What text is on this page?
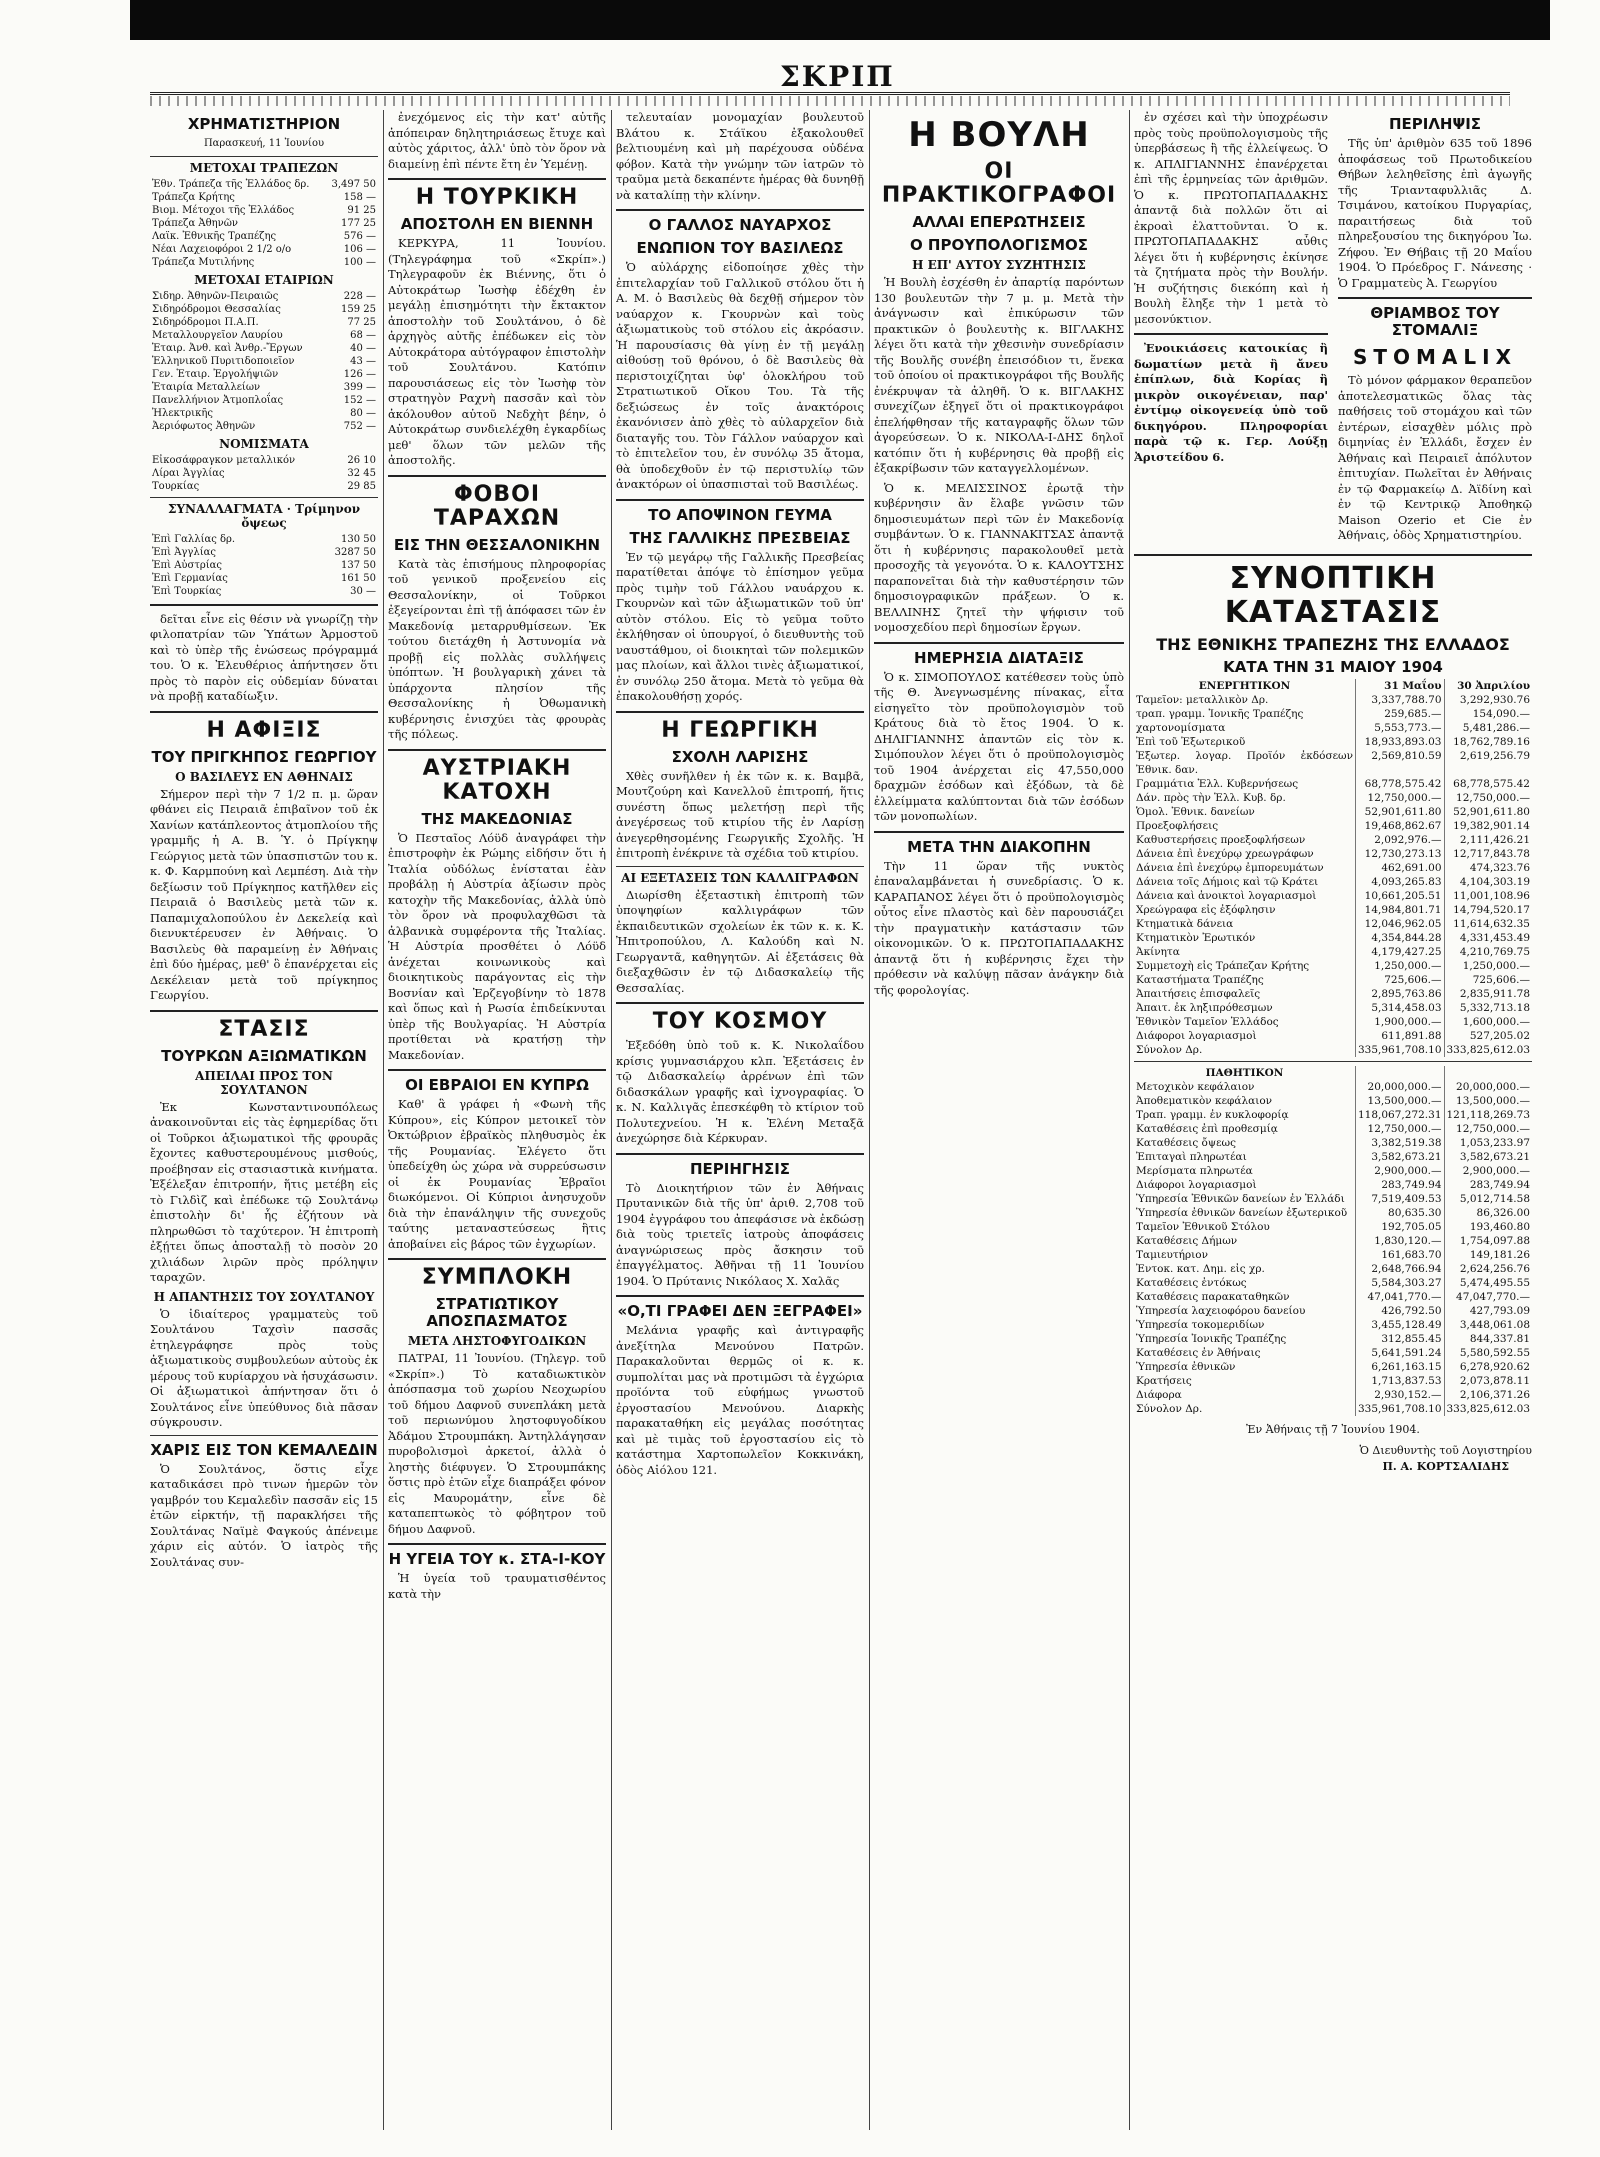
ΣΚΡΙΠ
ΧΡΗΜΑΤΙΣΤΗΡΙΟΝ
Παρασκευή, 11 Ἰουνίου
ΜΕΤΟΧΑΙ ΤΡΑΠΕΖΩΝ
Ἐθν. Τράπεζα τῆς Ἑλλάδος δρ.	3,497 50
Τράπεζα Κρήτης	158 —
Βιομ. Μέτοχοι τῆς Ἑλλάδος	91 25
Τράπεζα Ἀθηνῶν	177 25
Λαϊκ. Ἐθνικῆς Τραπέζης	576 —
Νέαι Λαχειοφόροι 2 1/2 ο/ο	106 —
Τράπεζα Μυτιλήνης	100 —
ΜΕΤΟΧΑΙ ΕΤΑΙΡΙΩΝ
Σιδηρ. Ἀθηνῶν-Πειραιῶς	228 —
Σιδηρόδρομοι Θεσσαλίας	159 25
Σιδηρόδρομοι Π.Α.Π.	77 25
Μεταλλουργεῖον Λαυρίου	68 —
Ἑταιρ. Ἀνθ. καὶ Ἀνθρ.-Ἔργων	40 —
Ἑλληνικοῦ Πυριτιδοποιεῖον	43 —
Γεν. Ἑταιρ. Ἐργολήψιῶν	126 —
Ἑταιρία Μεταλλείων	399 —
Πανελλήνιον Ἀτμοπλοΐας	152 —
Ἠλεκτρικῆς	80 —
Ἀεριόφωτος Ἀθηνῶν	752 —
ΝΟΜΙΣΜΑΤΑ
Εἰκοσάφραγκον μεταλλικόν	26 10
Λίραι Ἀγγλίας	32 45
Τουρκίας	29 85
ΣΥΝΑΛΛΑΓΜΑΤΑ · Τρίμηνον ὄψεως
Ἐπὶ Γαλλίας δρ.	130 50
Ἐπὶ Ἀγγλίας	3287 50
Ἐπὶ Αὐστρίας	137 50
Ἐπὶ Γερμανίας	161 50
Ἐπὶ Τουρκίας	30 —

δεῖται εἶνε εἰς θέσιν νὰ γνωρίζῃ τὴν φιλοπατρίαν τῶν Ὑπάτων Ἀρμοστοῦ καὶ τὸ ὑπὲρ τῆς ἐνώσεως πρόγραμμά του. Ὁ κ. Ἐλευθέριος ἀπήντησεν ὅτι πρὸς τὸ παρὸν εἰς οὐδεμίαν δύναται νὰ προβῇ καταδίωξιν.

Η ΑΦΙΞΙΣ
ΤΟΥ ΠΡΙΓΚΗΠΟΣ ΓΕΩΡΓΙΟΥ
Ο ΒΑΣΙΛΕΥΣ ΕΝ ΑΘΗΝΑΙΣ

Σήμερον περὶ τὴν 7 1/2 π. μ. ὥραν φθάνει εἰς Πειραιᾶ ἐπιβαῖνον τοῦ ἐκ Χανίων κατάπλεοντος ἀτμοπλοίου τῆς γραμμῆς ἡ Α. Β. Ὑ. ὁ Πρίγκηψ Γεώργιος μετὰ τῶν ὑπασπιστῶν του κ. κ. Φ. Καρμπούνη καὶ Λεμπέση. Διὰ τὴν δεξίωσιν τοῦ Πρίγκηπος κατῆλθεν εἰς Πειραιᾶ ὁ Βασιλεὺς μετὰ τῶν κ. Παπαμιχαλοπούλου ἐν Δεκελείᾳ καὶ διενυκτέρευσεν ἐν Ἀθήναις. Ὁ Βασιλεὺς θὰ παραμείνῃ ἐν Ἀθήναις ἐπὶ δύο ἡμέρας, μεθ' ὃ ἐπανέρχεται εἰς Δεκέλειαν μετὰ τοῦ πρίγκηπος Γεωργίου.

ΣΤΑΣΙΣ
ΤΟΥΡΚΩΝ ΑΞΙΩΜΑΤΙΚΩΝ
ΑΠΕΙΛΑΙ ΠΡΟΣ ΤΟΝ ΣΟΥΛΤΑΝΟΝ

Ἐκ Κωνσταντινουπόλεως ἀνακοινοῦνται εἰς τὰς ἐφημερίδας ὅτι οἱ Τοῦρκοι ἀξιωματικοὶ τῆς φρουρᾶς ἔχοντες καθυστερουμένους μισθούς, προέβησαν εἰς στασιαστικὰ κινήματα. Ἐξέλεξαν ἐπιτροπήν, ἥτις μετέβη εἰς τὸ Γιλδὶζ καὶ ἐπέδωκε τῷ Σουλτάνῳ ἐπιστολὴν δι' ἧς ἐζήτουν νὰ πληρωθῶσι τὸ ταχύτερον. Ἡ ἐπιτροπὴ ἐξῄτει ὅπως ἀποσταλῇ τὸ ποσὸν 20 χιλιάδων λιρῶν πρὸς πρόληψιν ταραχῶν.

Η ΑΠΑΝΤΗΣΙΣ ΤΟΥ ΣΟΥΛΤΑΝΟΥ

Ὁ ἰδιαίτερος γραμματεὺς τοῦ Σουλτάνου Ταχσὶν πασσᾶς ἐτηλεγράφησε πρὸς τοὺς ἀξιωματικοὺς συμβουλεύων αὐτοὺς ἐκ μέρους τοῦ κυρίαρχου νὰ ἡσυχάσωσιν. Οἱ ἀξιωματικοὶ ἀπήντησαν ὅτι ὁ Σουλτάνος εἶνε ὑπεύθυνος διὰ πᾶσαν σύγκρουσιν.

ΧΑΡΙΣ ΕΙΣ ΤΟΝ ΚΕΜΑΛΕΔΙΝ

Ὁ Σουλτάνος, ὅστις εἶχε καταδικάσει πρὸ τινων ἡμερῶν τὸν γαμβρόν του Κεμαλεδὶν πασσᾶν εἰς 15 ἐτῶν εἱρκτήν, τῇ παρακλήσει τῆς Σουλτάνας Ναϊμὲ Φαγκούς ἀπένειμε χάριν εἰς αὐτόν. Ὁ ἰατρὸς τῆς Σουλτάνας συν-

ἐνεχόμενος εἰς τὴν κατ' αὐτῆς ἀπόπειραν δηλητηριάσεως ἔτυχε καὶ αὐτὸς χάριτος, ἀλλ' ὑπὸ τὸν ὅρον νὰ διαμείνῃ ἐπὶ πέντε ἔτη ἐν Ὑεμένῃ.

Η ΤΟΥΡΚΙΚΗ
ΑΠΟΣΤΟΛΗ ΕΝ ΒΙΕΝΝΗ

ΚΕΡΚΥΡΑ, 11 Ἰουνίου. (Τηλεγράφημα τοῦ «Σκρίπ».) Τηλεγραφοῦν ἐκ Βιέννης, ὅτι ὁ Αὐτοκράτωρ Ἰωσὴφ ἐδέχθη ἐν μεγάλῃ ἐπισημότητι τὴν ἔκτακτον ἀποστολὴν τοῦ Σουλτάνου, ὁ δὲ ἀρχηγὸς αὐτῆς ἐπέδωκεν εἰς τὸν Αὐτοκράτορα αὐτόγραφον ἐπιστολὴν τοῦ Σουλτάνου. Κατόπιν παρουσιάσεως εἰς τὸν Ἰωσὴφ τὸν στρατηγὸν Ραχνὴ πασσᾶν καὶ τὸν ἀκόλουθον αὐτοῦ Νεδχὴτ βέην, ὁ Αὐτοκράτωρ συνδιελέχθη ἐγκαρδίως μεθ' ὅλων τῶν μελῶν τῆς ἀποστολῆς.

ΦΟΒΟΙ ΤΑΡΑΧΩΝ
ΕΙΣ ΤΗΝ ΘΕΣΣΑΛΟΝΙΚΗΝ

Κατὰ τὰς ἐπισήμους πληροφορίας τοῦ γενικοῦ προξενείου εἰς Θεσσαλονίκην, οἱ Τοῦρκοι ἐξεγείρονται ἐπὶ τῇ ἀπόφασει τῶν ἐν Μακεδονίᾳ μεταρρυθμίσεων. Ἐκ τούτου διετάχθη ἡ Ἀστυνομία νὰ προβῇ εἰς πολλὰς συλλήψεις ὑπόπτων. Ἡ βουλγαρικὴ χάνει τὰ ὑπάρχοντα πλησίον τῆς Θεσσαλονίκης ἡ Ὀθωμανικὴ κυβέρνησις ἐνισχύει τὰς φρουρὰς τῆς πόλεως.

ΑΥΣΤΡΙΑΚΗ ΚΑΤΟΧΗ
ΤΗΣ ΜΑΚΕΔΟΝΙΑΣ

Ὁ Πεσταῖος Λόϋδ ἀναγράφει τὴν ἐπιστροφὴν ἐκ Ρώμης εἰδήσιν ὅτι ἡ Ἰταλία οὐδόλως ἐνίσταται ἐὰν προβάλῃ ἡ Αὐστρία ἀξίωσιν πρὸς κατοχὴν τῆς Μακεδονίας, ἀλλὰ ὑπὸ τὸν ὅρον νὰ προφυλαχθῶσι τὰ ἀλβανικὰ συμφέροντα τῆς Ἰταλίας. Ἡ Αὐστρία προσθέτει ὁ Λόϋδ ἀνέχεται κοινωνικοὺς καὶ διοικητικοὺς παράγοντας εἰς τὴν Βοσνίαν καὶ Ἐρζεγοβίνην τὸ 1878 καὶ ὅπως καὶ ἡ Ρωσία ἐπιδείκνυται ὑπὲρ τῆς Βουλγαρίας. Ἡ Αὐστρία προτίθεται νὰ κρατήσῃ τὴν Μακεδονίαν.

ΟΙ ΕΒΡΑΙΟΙ ΕΝ ΚΥΠΡΩ

Καθ' ἃ γράφει ἡ «Φωνὴ τῆς Κύπρου», εἰς Κύπρον μετοικεῖ τὸν Ὀκτώβριον ἐβραϊκὸς πληθυσμὸς ἐκ τῆς Ρουμανίας. Ἐλέγετο ὅτι ὑπεδείχθη ὡς χώρα νὰ συρρεύσωσιν οἱ ἐκ Ρουμανίας Ἑβραῖοι διωκόμενοι. Οἱ Κύπριοι ἀνησυχοῦν διὰ τὴν ἐπανάληψιν τῆς συνεχοῦς ταύτης μεταναστεύσεως ἣτις ἀποβαίνει εἰς βάρος τῶν ἐγχωρίων.

ΣΥΜΠΛΟΚΗ
ΣΤΡΑΤΙΩΤΙΚΟΥ ΑΠΟΣΠΑΣΜΑΤΟΣ
ΜΕΤΑ ΛΗΣΤΟΦΥΓΟΔΙΚΩΝ

ΠΑΤΡΑΙ, 11 Ἰουνίου. (Τηλεγρ. τοῦ «Σκρίπ».) Τὸ καταδιωκτικὸν ἀπόσπασμα τοῦ χωρίου Νεοχωρίου τοῦ δήμου Δαφνοῦ συνεπλάκη μετὰ τοῦ περιωνύμου ληστοφυγοδίκου Ἀδάμου Στρουμπάκη. Ἀντηλλάγησαν πυροβολισμοὶ ἀρκετοί, ἀλλὰ ὁ ληστὴς διέφυγεν. Ὁ Στρουμπάκης ὅστις πρὸ ἐτῶν εἶχε διαπράξει φόνον εἰς Μαυρομάτην, εἶνε δὲ καταπεπτωκὸς τὸ φόβητρον τοῦ δήμου Δαφνοῦ.

Η ΥΓΕΙΑ ΤΟΥ κ. ΣΤΑ-Ι-ΚΟΥ

Ἡ ὑγεία τοῦ τραυματισθέντος κατὰ τὴν

τελευταίαν μονομαχίαν βουλευτοῦ Βλάτου κ. Στάϊκου ἐξακολουθεῖ βελτιουμένη καὶ μὴ παρέχουσα οὐδένα φόβον. Κατὰ τὴν γνώμην τῶν ἰατρῶν τὸ τραῦμα μετὰ δεκαπέντε ἡμέρας θὰ δυνηθῇ νὰ καταλίπῃ τὴν κλίνην.

Ο ΓΑΛΛΟΣ ΝΑΥΑΡΧΟΣ
ΕΝΩΠΙΟΝ ΤΟΥ ΒΑΣΙΛΕΩΣ

Ὁ αὐλάρχης εἰδοποίησε χθὲς τὴν ἐπιτελαρχίαν τοῦ Γαλλικοῦ στόλου ὅτι ἡ Α. Μ. ὁ Βασιλεὺς θὰ δεχθῇ σήμερον τὸν ναύαρχον κ. Γκουρνὼν καὶ τοὺς ἀξιωματικοὺς τοῦ στόλου εἰς ἀκρόασιν. Ἡ παρουσίασις θὰ γίνῃ ἐν τῇ μεγάλῃ αἰθούσῃ τοῦ θρόνου, ὁ δὲ Βασιλεὺς θὰ περιστοιχίζηται ὑφ' ὁλοκλήρου τοῦ Στρατιωτικοῦ Οἴκου Του. Τὰ τῆς δεξιώσεως ἐν τοῖς ἀνακτόροις ἐκανόνισεν ἀπὸ χθὲς τὸ αὐλαρχεῖον διὰ διαταγῆς του. Τὸν Γάλλον ναύαρχον καὶ τὸ ἐπιτελεῖον του, ἐν συνόλῳ 35 ἄτομα, θὰ ὑποδεχθοῦν ἐν τῷ περιστυλίῳ τῶν ἀνακτόρων οἱ ὑπασπισταὶ τοῦ Βασιλέως.

ΤΟ ΑΠΟΨΙΝΟΝ ΓΕΥΜΑ
ΤΗΣ ΓΑΛΛΙΚΗΣ ΠΡΕΣΒΕΙΑΣ

Ἐν τῷ μεγάρῳ τῆς Γαλλικῆς Πρεσβείας παρατίθεται ἀπόψε τὸ ἐπίσημον γεῦμα πρὸς τιμὴν τοῦ Γάλλου ναυάρχου κ. Γκουρνὼν καὶ τῶν ἀξιωματικῶν τοῦ ὑπ' αὐτὸν στόλου. Εἰς τὸ γεῦμα τοῦτο ἐκλήθησαν οἱ ὑπουργοί, ὁ διευθυντὴς τοῦ ναυστάθμου, οἱ διοικηταὶ τῶν πολεμικῶν μας πλοίων, καὶ ἄλλοι τινὲς ἀξιωματικοί, ἐν συνόλῳ 250 ἄτομα. Μετὰ τὸ γεῦμα θὰ ἐπακολουθήσῃ χορός.

Η ΓΕΩΡΓΙΚΗ
ΣΧΟΛΗ ΛΑΡΙΣΗΣ

Χθὲς συνῆλθεν ἡ ἐκ τῶν κ. κ. Βαμβᾶ, Μουτζούρη καὶ Κανελλοῦ ἐπιτροπή, ἥτις συνέστη ὅπως μελετήσῃ περὶ τῆς ἀνεγέρσεως τοῦ κτιρίου τῆς ἐν Λαρίσῃ ἀνεγερθησομένης Γεωργικῆς Σχολῆς. Ἡ ἐπιτροπὴ ἐνέκρινε τὰ σχέδια τοῦ κτιρίου.

ΑΙ ΕΞΕΤΑΣΕΙΣ ΤΩΝ ΚΑΛΛΙΓΡΑΦΩΝ

Διωρίσθη ἐξεταστικὴ ἐπιτροπὴ τῶν ὑποψηφίων καλλιγράφων τῶν ἐκπαιδευτικῶν σχολείων ἐκ τῶν κ. κ. Κ. Ἠπιτροπούλου, Λ. Καλούδη καὶ Ν. Γεωργαντᾶ, καθηγητῶν. Αἱ ἐξετάσεις θὰ διεξαχθῶσιν ἐν τῷ Διδασκαλείῳ τῆς Θεσσαλίας.

ΤΟΥ ΚΟΣΜΟΥ

Ἐξεδόθη ὑπὸ τοῦ κ. Κ. Νικολαΐδου κρίσις γυμνασιάρχου κλπ. Ἐξετάσεις ἐν τῷ Διδασκαλείῳ ἀρρένων ἐπὶ τῶν διδασκάλων γραφῆς καὶ ἰχνογραφίας. Ὁ κ. Ν. Καλλιγᾶς ἐπεσκέφθη τὸ κτίριον τοῦ Πολυτεχνείου. Ἡ κ. Ἑλένη Μεταξᾶ ἀνεχώρησε διὰ Κέρκυραν.

ΠΕΡΙΗΓΗΣΙΣ

Τὸ Διοικητήριον τῶν ἐν Ἀθήναις Πρυτανικῶν διὰ τῆς ὑπ' ἀριθ. 2,708 τοῦ 1904 ἐγγράφου του ἀπεφάσισε νὰ ἐκδώσῃ διὰ τοὺς τριετεῖς ἰατροὺς ἀποφάσεις ἀναγνώρισεως πρὸς ἄσκησιν τοῦ ἐπαγγέλματος. Ἀθῆναι τῇ 11 Ἰουνίου 1904. Ὁ Πρύτανις Νικόλαος Χ. Χαλᾶς

«Ο,ΤΙ ΓΡΑΦΕΙ ΔΕΝ ΞΕΓΡΑΦΕΙ»

Μελάνια γραφῆς καὶ ἀντιγραφῆς ἀνεξίτηλα Μενούνου Πατρῶν. Παρακαλοῦνται θερμῶς οἱ κ. κ. συμπολίται μας νὰ προτιμῶσι τὰ ἐγχώρια προϊόντα τοῦ εὐφήμως γνωστοῦ ἐργοστασίου Μενούνου. Διαρκὴς παρακαταθήκη εἰς μεγάλας ποσότητας καὶ μὲ τιμὰς τοῦ ἐργοστασίου εἰς τὸ κατάστημα Χαρτοπωλεῖον Κοκκινάκη, ὁδὸς Αἰόλου 121.

Η ΒΟΥΛΗ
ΟΙ ΠΡΑΚΤΙΚΟΓΡΑΦΟΙ
ΑΛΛΑΙ ΕΠΕΡΩΤΗΣΕΙΣ
Ο ΠΡΟΥΠΟΛΟΓΙΣΜΟΣ
Η ΕΠ' ΑΥΤΟΥ ΣΥΖΗΤΗΣΙΣ

Ἡ Βουλὴ ἐσχέσθη ἐν ἀπαρτίᾳ παρόντων 130 βουλευτῶν τὴν 7 μ. μ. Μετὰ τὴν ἀνάγνωσιν καὶ ἐπικύρωσιν τῶν πρακτικῶν ὁ βουλευτὴς κ. ΒΙΓΛΑΚΗΣ λέγει ὅτι κατὰ τὴν χθεσινὴν συνεδρίασιν τῆς Βουλῆς συνέβη ἐπεισόδιον τι, ἕνεκα τοῦ ὁποίου οἱ πρακτικογράφοι τῆς Βουλῆς ἐνέκρυψαν τὰ ἀληθῆ. Ὁ κ. ΒΙΓΛΑΚΗΣ συνεχίζων ἐξηγεῖ ὅτι οἱ πρακτικογράφοι ἐπελήφθησαν τῆς καταγραφῆς ὅλων τῶν ἀγορεύσεων. Ὁ κ. ΝΙΚΟΛΑ-Ι-ΔΗΣ δηλοῖ κατόπιν ὅτι ἡ κυβέρνησις θὰ προβῇ εἰς ἐξακρίβωσιν τῶν καταγγελλομένων.

Ὁ κ. ΜΕΛΙΣΣΙΝΟΣ ἐρωτᾷ τὴν κυβέρνησιν ἂν ἔλαβε γνῶσιν τῶν δημοσιευμάτων περὶ τῶν ἐν Μακεδονίᾳ συμβάντων. Ὁ κ. ΓΙΑΝΝΑΚΙΤΣΑΣ ἀπαντᾷ ὅτι ἡ κυβέρνησις παρακολουθεῖ μετὰ προσοχῆς τὰ γεγονότα. Ὁ κ. ΚΑΛΟΥΤΣΗΣ παραπονεῖται διὰ τὴν καθυστέρησιν τῶν δημοσιογραφικῶν πράξεων. Ὁ κ. ΒΕΛΛΙΝΗΣ ζητεῖ τὴν ψήφισιν τοῦ νομοσχεδίου περὶ δημοσίων ἔργων.

ΗΜΕΡΗΣΙΑ ΔΙΑΤΑΞΙΣ

Ὁ κ. ΣΙΜΟΠΟΥΛΟΣ κατέθεσεν τοὺς ὑπὸ τῆς Θ. Ἀνεγνωσμένης πίνακας, εἶτα εἰσηγεῖτο τὸν προϋπολογισμὸν τοῦ Κράτους διὰ τὸ ἔτος 1904. Ὁ κ. ΔΗΛΙΓΙΑΝΝΗΣ ἀπαντῶν εἰς τὸν κ. Σιμόπουλον λέγει ὅτι ὁ προϋπολογισμὸς τοῦ 1904 ἀνέρχεται εἰς 47,550,000 δραχμῶν ἐσόδων καὶ ἐξόδων, τὰ δὲ ἐλλείμματα καλύπτονται διὰ τῶν ἐσόδων τῶν μονοπωλίων.

ΜΕΤΑ ΤΗΝ ΔΙΑΚΟΠΗΝ

Τὴν 11 ὥραν τῆς νυκτὸς ἐπαναλαμβάνεται ἡ συνεδρίασις. Ὁ κ. ΚΑΡΑΠΑΝΟΣ λέγει ὅτι ὁ προϋπολογισμὸς οὗτος εἶνε πλαστὸς καὶ δὲν παρουσιάζει τὴν πραγματικὴν κατάστασιν τῶν οἰκονομικῶν. Ὁ κ. ΠΡΩΤΟΠΑΠΑΔΑΚΗΣ ἀπαντᾷ ὅτι ἡ κυβέρνησις ἔχει τὴν πρόθεσιν νὰ καλύψῃ πᾶσαν ἀνάγκην διὰ τῆς φορολογίας.

ἐν σχέσει καὶ τὴν ὑποχρέωσιν πρὸς τοὺς προϋπολογισμοὺς τῆς ὑπερβάσεως ἢ τῆς ἐλλείψεως. Ὁ κ. ΑΠΛΙΓΙΑΝΝΗΣ ἐπανέρχεται ἐπὶ τῆς ἑρμηνείας τῶν ἀριθμῶν. Ὁ κ. ΠΡΩΤΟΠΑΠΑΔΑΚΗΣ ἀπαντᾷ διὰ πολλῶν ὅτι αἱ ἐκροαὶ ἐλαττοῦνται. Ὁ κ. ΠΡΩΤΟΠΑΠΑΔΑΚΗΣ αὖθις λέγει ὅτι ἡ κυβέρνησις ἐκίνησε τὰ ζητήματα πρὸς τὴν Βουλήν. Ἡ συζήτησις διεκόπη καὶ ἡ Βουλὴ ἔληξε τὴν 1 μετὰ τὸ μεσονύκτιον.

Ἐνοικιάσεις κατοικίας ἢ δωματίων μετὰ ἢ ἄνευ ἐπίπλων, διὰ Κορίας ἢ μικρὸν οικογένειαν, παρ' ἐντίμῳ οἰκογενείᾳ ὑπὸ τοῦ δικηγόρου. Πληροφορίαι παρὰ τῷ κ. Γερ. Λούξῃ Ἀριστείδου 6.

ΠΕΡΙΛΗΨΙΣ

Τῆς ὑπ' ἀριθμὸν 635 τοῦ 1896 ἀποφάσεως τοῦ Πρωτοδικείου Θήβων λεληθεῖσης ἐπὶ ἀγωγῆς τῆς Τριανταφυλλιᾶς Δ. Τσιμάνου, κατοίκου Πυργαρίας, παραιτήσεως διὰ τοῦ πληρεξουσίου της δικηγόρου Ἰω. Ζήφου. Ἐν Θήβαις τῇ 20 Μαΐου 1904. Ὁ Πρόεδρος Γ. Νάνεσης · Ὁ Γραμματεὺς Ἀ. Γεωργίου

ΘΡΙΑΜΒΟΣ ΤΟΥ ΣΤΟΜΑΛΙΞ
STOMALIX

Τὸ μόνον φάρμακον θεραπεῦον ἀποτελεσματικῶς ὅλας τὰς παθήσεις τοῦ στομάχου καὶ τῶν ἐντέρων, εἰσαχθὲν μόλις πρὸ διμηνίας ἐν Ἑλλάδι, ἔσχεν ἐν Ἀθήναις καὶ Πειραιεῖ ἀπόλυτον ἐπιτυχίαν. Πωλεῖται ἐν Ἀθήναις ἐν τῷ Φαρμακείῳ Δ. Ἀϊδίνη καὶ ἐν τῷ Κεντρικῷ Ἀποθηκῷ Maison Ozerio et Cie ἐν Ἀθήναις, ὁδὸς Χρηματιστηρίου.

ΣΥΝΟΠΤΙΚΗ ΚΑΤΑΣΤΑΣΙΣ
ΤΗΣ ΕΘΝΙΚΗΣ ΤΡΑΠΕΖΗΣ ΤΗΣ ΕΛΛΑΔΟΣ
ΚΑΤΑ ΤΗΝ 31 ΜΑΙΟΥ 1904
ΕΝΕΡΓΗΤΙΚΟΝ	31 Μαΐου	30 Ἀπριλίου
Ταμεῖον: μεταλλικὸν Δρ.	3,337,788.70	3,292,930.76
τραπ. γραμμ. Ἰονικῆς Τραπέζης	259,685.—	154,090.—
χαρτονομίσματα	5,553,773.—	5,481,286.—
Ἐπὶ τοῦ Ἐξωτερικοῦ	18,933,893.03	18,762,789.16
Ἐξωτερ. λογαρ. Προϊόν ἐκδόσεων Ἐθνικ. δαν.	2,569,810.59	2,619,256.79
Γραμμάτια Ἑλλ. Κυβερνήσεως	68,778,575.42	68,778,575.42
Δάν. πρὸς τὴν Ἑλλ. Κυβ. δρ.	12,750,000.—	12,750,000.—
Ὁμολ. Ἐθνικ. δανείων	52,901,611.80	52,901,611.80
Προεξοφλήσεις	19,468,862.67	19,382,901.14
Καθυστερήσεις προεξοφλήσεων	2,092,976.—	2,111,426.21
Δάνεια ἐπὶ ἐνεχύρῳ χρεωγράφων	12,730,273.13	12,717,843.78
Δάνεια ἐπὶ ἐνεχύρῳ ἐμπορευμάτων	462,691.00	474,323.76
Δάνεια τοῖς Δήμοις καὶ τῷ Κράτει	4,093,265.83	4,104,303.19
Δάνεια καὶ ἀνοικτοὶ λογαριασμοὶ	10,661,205.51	11,001,108.96
Χρεώγραφα εἰς ἐξόφλησιν	14,984,801.71	14,794,520.17
Κτηματικὰ δάνεια	12,046,962.05	11,614,632.35
Κτηματικὸν Ἐρωτικόν	4,354,844.28	4,331,453.49
Ἀκίνητα	4,179,427.25	4,210,769.75
Συμμετοχὴ εἰς Τράπεζαν Κρήτης	1,250,000.—	1,250,000.—
Καταστήματα Τραπέζης	725,606.—	725,606.—
Ἀπαιτήσεις ἐπισφαλεῖς	2,895,763.86	2,835,911.78
Ἀπαιτ. ἐκ ληξιπρόθεσμων	5,314,458.03	5,332,713.18
Ἐθνικὸν Ταμεῖον Ἑλλάδος	1,900,000.—	1,600,000.—
Διάφοροι λογαριασμοὶ	611,891.88	527,205.02
Σύνολον Δρ.	335,961,708.10	333,825,612.03
ΠΑΘΗΤΙΚΟΝ		
Μετοχικὸν κεφάλαιον	20,000,000.—	20,000,000.—
Ἀποθεματικὸν κεφάλαιον	13,500,000.—	13,500,000.—
Τραπ. γραμμ. ἐν κυκλοφορίᾳ	118,067,272.31	121,118,269.73
Καταθέσεις ἐπὶ προθεσμίᾳ	12,750,000.—	12,750,000.—
Καταθέσεις ὄψεως	3,382,519.38	1,053,233.97
Ἐπιταγαὶ πληρωτέαι	3,582,673.21	3,582,673.21
Μερίσματα πληρωτέα	2,900,000.—	2,900,000.—
Διάφοροι λογαριασμοὶ	283,749.94	283,749.94
Ὑπηρεσία Ἐθνικῶν δανείων ἐν Ἑλλάδι	7,519,409.53	5,012,714.58
Ὑπηρεσία ἐθνικῶν δανείων ἐξωτερικοῦ	80,635.30	86,326.00
Ταμεῖον Ἐθνικοῦ Στόλου	192,705.05	193,460.80
Καταθέσεις Δήμων	1,830,120.—	1,754,097.88
Ταμιευτήριον	161,683.70	149,181.26
Ἐντοκ. κατ. Δημ. εἰς χρ.	2,648,766.94	2,624,256.76
Καταθέσεις ἐντόκως	5,584,303.27	5,474,495.55
Καταθέσεις παρακαταθηκῶν	47,041,770.—	47,047,770.—
Ὑπηρεσία λαχειοφόρου δανείου	426,792.50	427,793.09
Ὑπηρεσία τοκομεριδίων	3,455,128.49	3,448,061.08
Ὑπηρεσία Ἰονικῆς Τραπέζης	312,855.45	844,337.81
Καταθέσεις ἐν Ἀθήναις	5,641,591.24	5,580,592.55
Ὑπηρεσία ἐθνικῶν	6,261,163.15	6,278,920.62
Κρατήσεις	1,713,837.53	2,073,878.11
Διάφορα	2,930,152.—	2,106,371.26
Σύνολον Δρ.	335,961,708.10	333,825,612.03
Ἐν Ἀθήναις τῇ 7 Ἰουνίου 1904.
Ὁ Διευθυντὴς τοῦ Λογιστηρίου
Π. Α. ΚΟΡΤΣΑΛΙΔΗΣ
